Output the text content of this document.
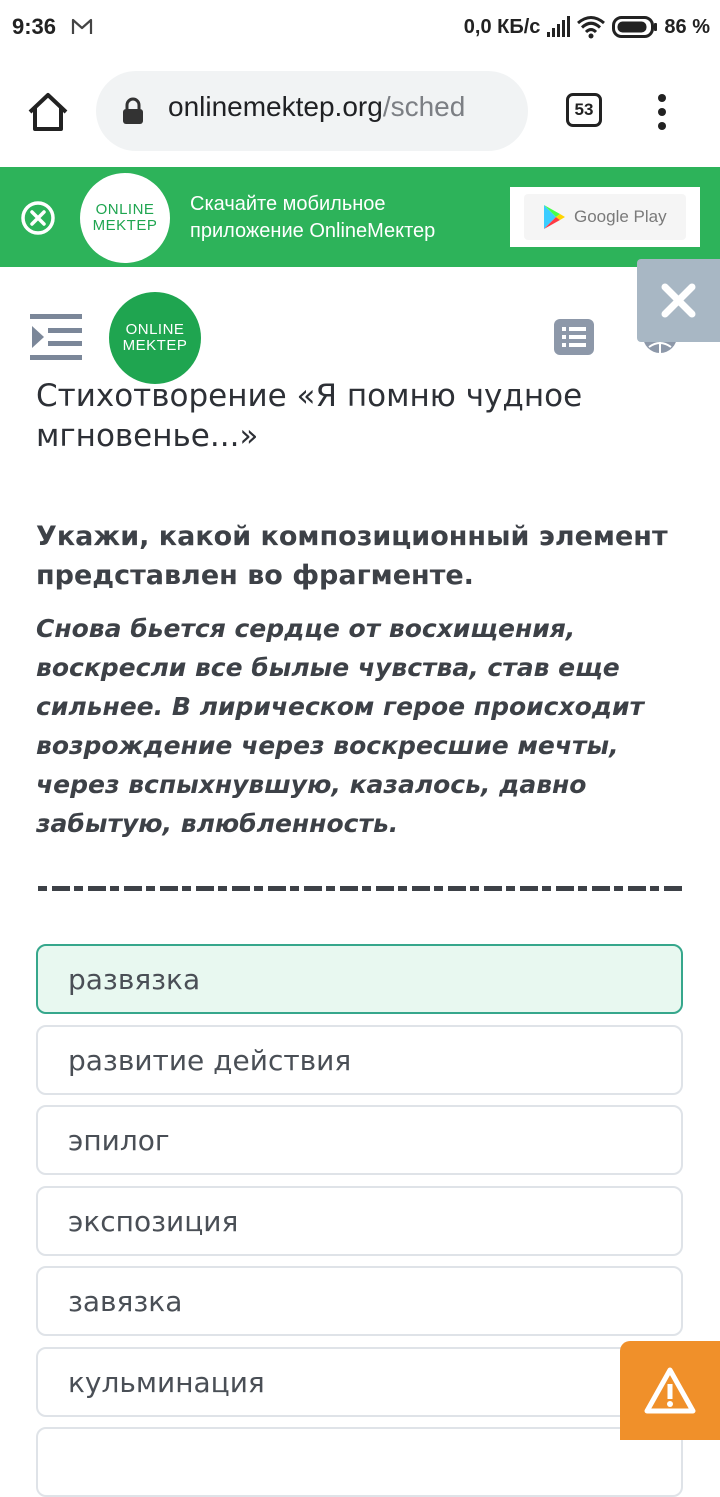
9:36	0,0 КБ/с	86 %
onlinemektep.org/sched	53
ONLINE
MEKTEP
Скачайте мобильное
приложение OnlineМектер
Google Play
ONLINE
MEKTEP
Стихотворение «Я помню чудное
мгновенье...»
Укажи, какой композиционный элемент представлен во фрагменте.
Снова бьется сердце от восхищения, воскресли все былые чувства, став еще сильнее. В лирическом герое происходит возрождение через воскресшие мечты, через вспыхнувшую, казалось, давно забытую, влюбленность.
развязка
развитие действия
эпилог
экспозиция
завязка
кульминация
